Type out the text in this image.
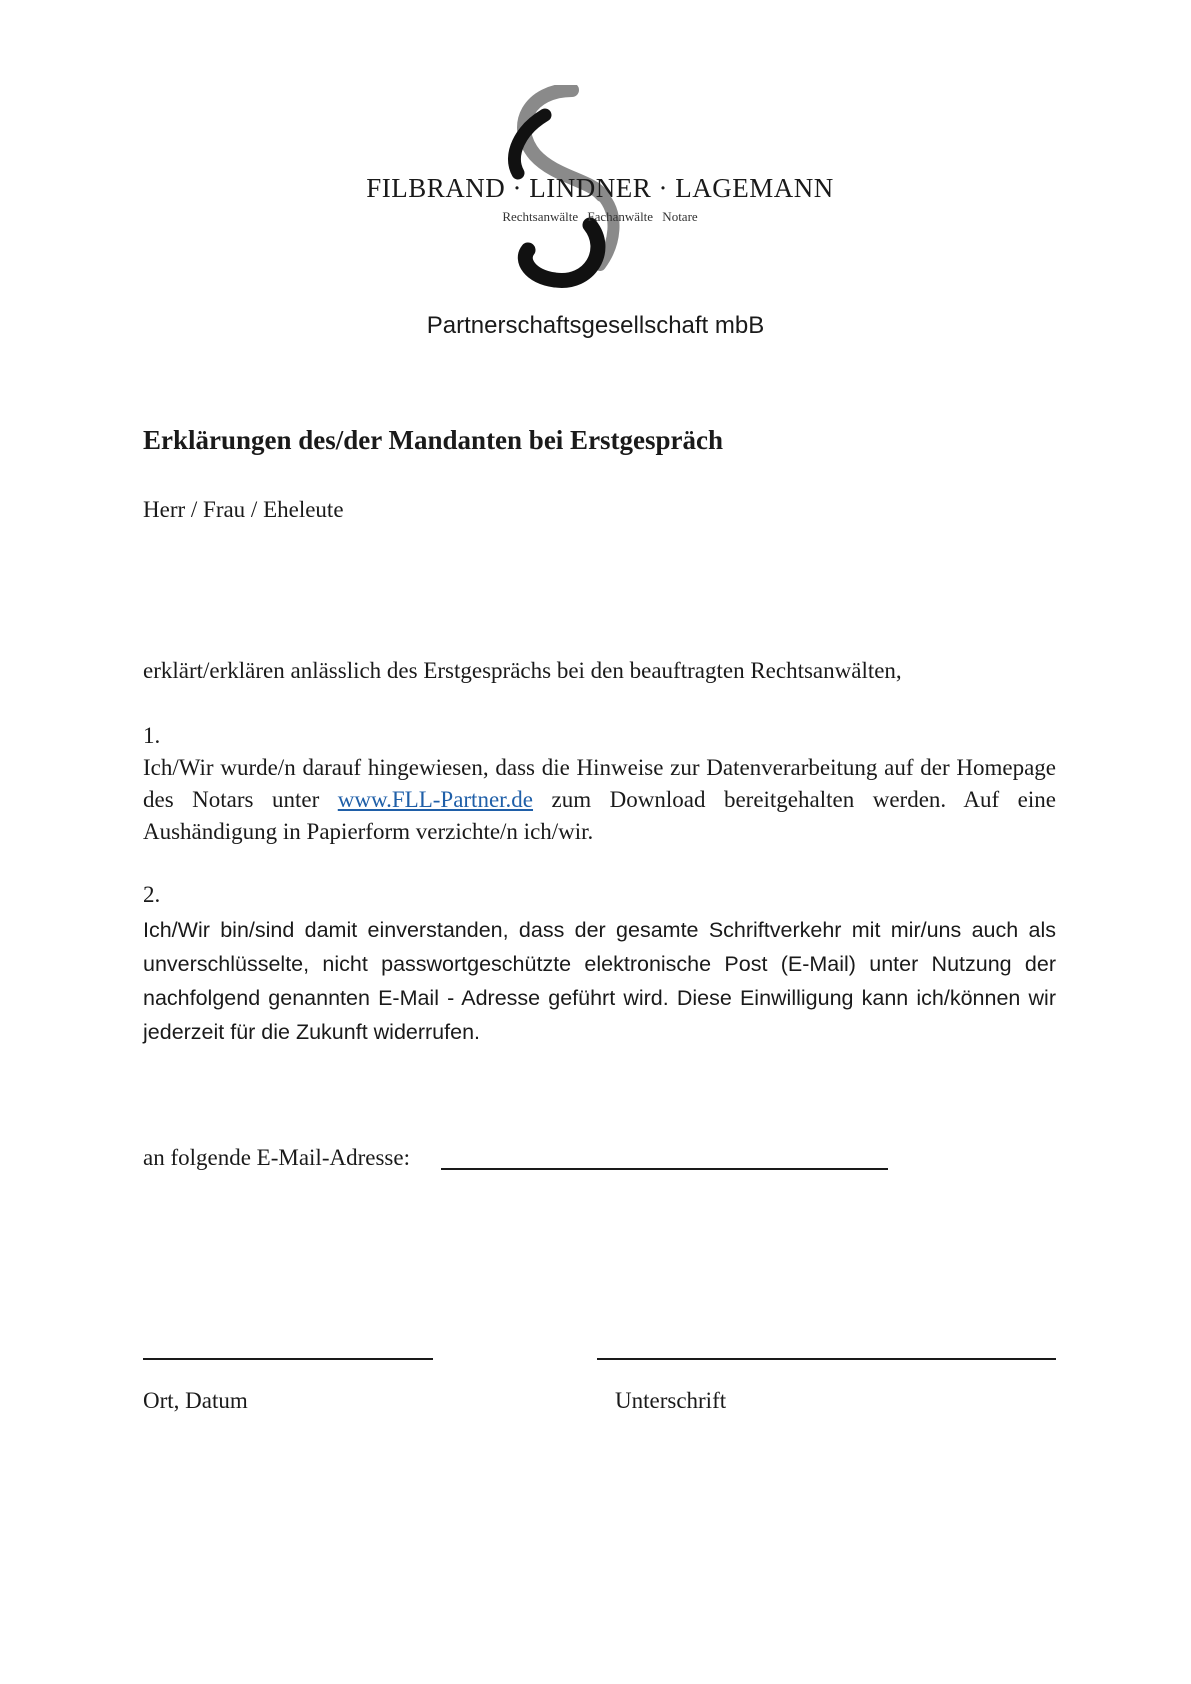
FILBRAND · LINDNER · LAGEMANN
Rechtsanwälte Fachanwälte Notare
Partnerschaftsgesellschaft mbB
Erklärungen des/der Mandanten bei Erstgespräch
Herr / Frau / Eheleute
erklärt/erklären anlässlich des Erstgesprächs bei den beauftragten Rechtsanwälten,
1.
Ich/Wir wurde/n darauf hingewiesen, dass die Hinweise zur Datenverarbeitung auf der Homepage des Notars unter www.FLL-Partner.de zum Download bereitgehalten werden. Auf eine Aushändigung in Papierform verzichte/n ich/wir.
2.
Ich/Wir bin/sind damit einverstanden, dass der gesamte Schriftverkehr mit mir/uns auch als unverschlüsselte, nicht passwortgeschützte elektronische Post (E-Mail) unter Nutzung der nachfolgend genannten E-Mail - Adresse geführt wird. Diese Einwilligung kann ich/können wir jederzeit für die Zukunft widerrufen.
an folgende E-Mail-Adresse:
Ort, Datum	Unterschrift
